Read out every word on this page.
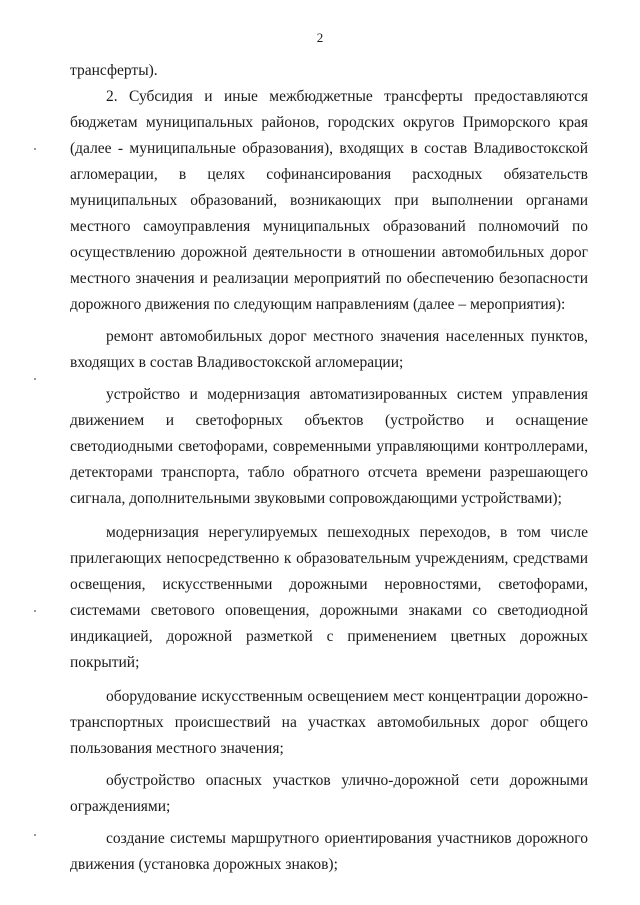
2

трансферты).

2. Субсидия и иные межбюджетные трансферты предоставляются бюджетам муниципальных районов, городских округов Приморского края (далее - муниципальные образования), входящих в состав Владивостокской агломерации, в целях софинансирования расходных обязательств муниципальных образований, возникающих при выполнении органами местного самоуправления муниципальных образований полномочий по осуществлению дорожной деятельности в отношении автомобильных дорог местного значения и реализации мероприятий по обеспечению безопасности дорожного движения по следующим направлениям (далее – мероприятия):

ремонт автомобильных дорог местного значения населенных пунктов, входящих в состав Владивостокской агломерации;

устройство и модернизация автоматизированных систем управления движением и светофорных объектов (устройство и оснащение светодиодными светофорами, современными управляющими контроллерами, детекторами транспорта, табло обратного отсчета времени разрешающего сигнала, дополнительными звуковыми сопровождающими устройствами);

модернизация нерегулируемых пешеходных переходов, в том числе прилегающих непосредственно к образовательным учреждениям, средствами освещения, искусственными дорожными неровностями, светофорами, системами светового оповещения, дорожными знаками со светодиодной индикацией, дорожной разметкой с применением цветных дорожных покрытий;

оборудование искусственным освещением мест концентрации дорожно-транспортных происшествий на участках автомобильных дорог общего пользования местного значения;

обустройство опасных участков улично-дорожной сети дорожными ограждениями;

создание системы маршрутного ориентирования участников дорожного движения (установка дорожных знаков);
